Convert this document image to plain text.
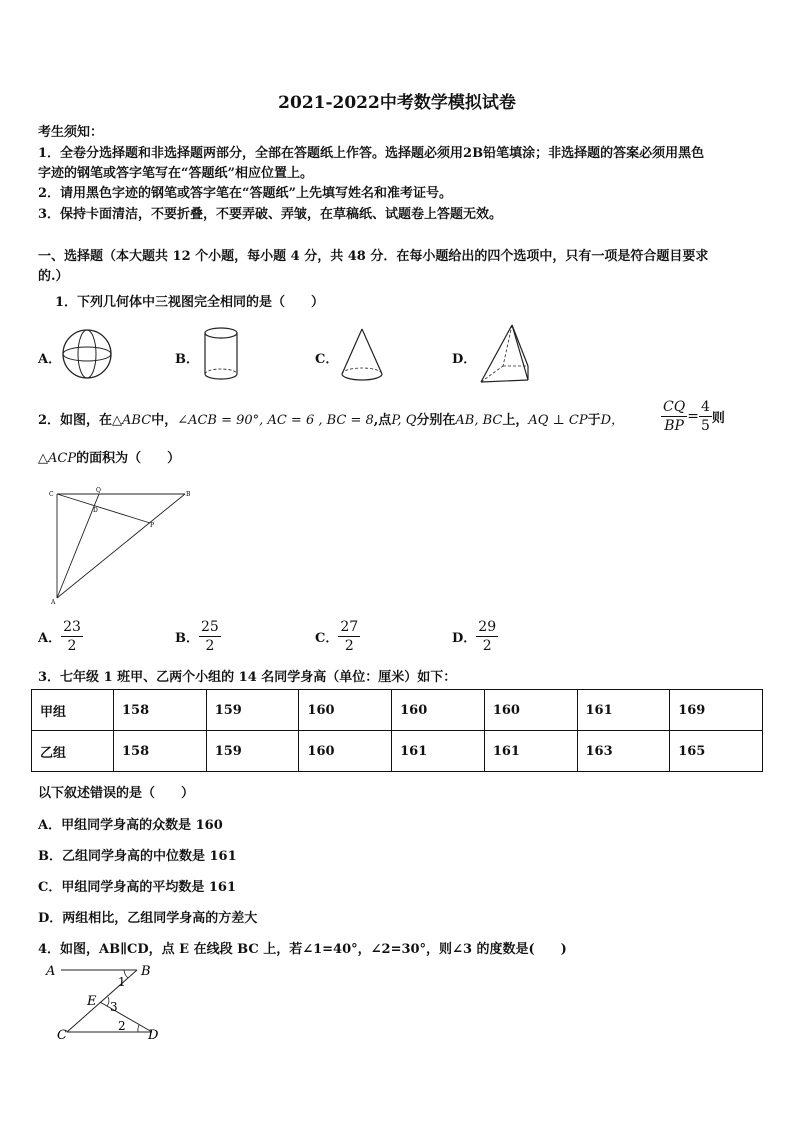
2021-2022中考数学模拟试卷
考生须知：
1．全卷分选择题和非选择题两部分，全部在答题纸上作答。选择题必须用2B铅笔填涂；非选择题的答案必须用黑色
字迹的钢笔或答字笔写在“答题纸”相应位置上。
2．请用黑色字迹的钢笔或答字笔在“答题纸”上先填写姓名和准考证号。
3．保持卡面清洁，不要折叠，不要弄破、弄皱，在草稿纸、试题卷上答题无效。
一、选择题（本大题共 12 个小题，每小题 4 分，共 48 分．在每小题给出的四个选项中，只有一项是符合题目要求
的.）
1．下列几何体中三视图完全相同的是（　　）
A．	B．	C．	D．
2．如图，在△ABC中，∠ACB = 90°, AC = 6 , BC = 8,点P, Q分别在AB, BC上，AQ ⊥ CP于D，	$\frac{CQ}{BP} = \frac{4}{5}$ 则
△ACP的面积为（　　）
C
Q
B
D
P
A
A． $\frac{23}{2}$	B． $\frac{25}{2}$	C． $\frac{27}{2}$	D． $\frac{29}{2}$
3．七年级 1 班甲、乙两个小组的 14 名同学身高（单位：厘米）如下：
甲组	158	159	160	160	160	161	169
乙组	158	159	160	161	161	163	165
以下叙述错误的是（　　）
A．甲组同学身高的众数是 160
B．乙组同学身高的中位数是 161
C．甲组同学身高的平均数是 161
D．两组相比，乙组同学身高的方差大
4．如图，AB∥CD，点 E 在线段 BC 上，若∠1=40°，∠2=30°，则∠3 的度数是(　　)
A	B
1
E 3
2
C	D
